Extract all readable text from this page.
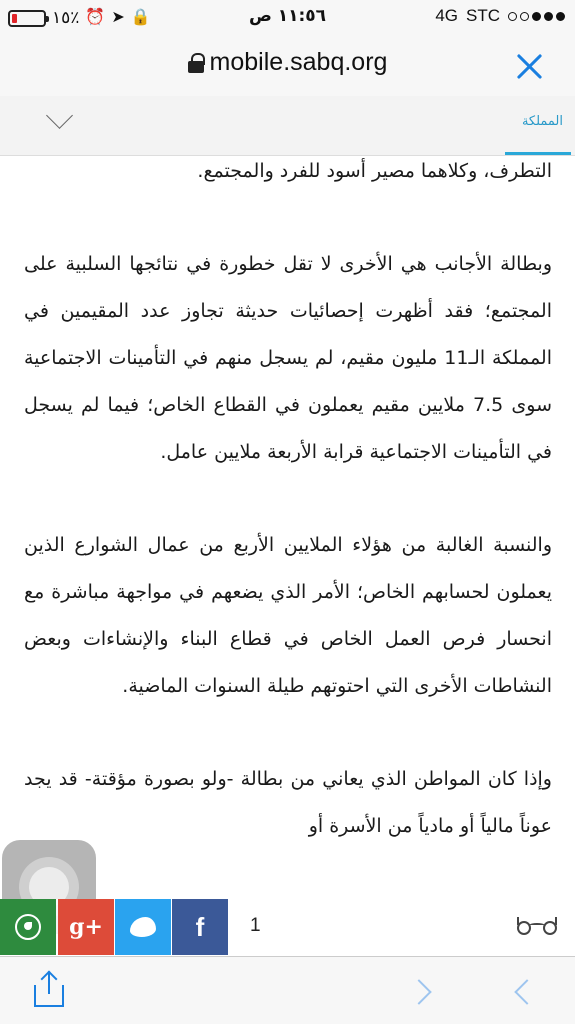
١٥٪ ⏰ ➤ 🔒	١١:٥٦ ص	4G STC
mobile.sabq.org
المملكة

التطرف، وكلاهما مصير أسود للفرد والمجتمع.

وبطالة الأجانب هي الأخرى لا تقل خطورة في نتائجها السلبية على المجتمع؛ فقد أظهرت إحصائيات حديثة تجاوز عدد المقيمين في المملكة الـ11 مليون مقيم، لم يسجل منهم في التأمينات الاجتماعية سوى 7.5 ملايين مقيم يعملون في القطاع الخاص؛ فيما لم يسجل في التأمينات الاجتماعية قرابة الأربعة ملايين عامل.

والنسبة الغالبة من هؤلاء الملايين الأربع من عمال الشوارع الذين يعملون لحسابهم الخاص؛ الأمر الذي يضعهم في مواجهة مباشرة مع انحسار فرص العمل الخاص في قطاع البناء والإنشاءات وبعض النشاطات الأخرى التي احتوتهم طيلة السنوات الماضية.

وإذا كان المواطن الذي يعاني من بطالة -ولو بصورة مؤقتة- قد يجد عوناً مالياً أو مادياً من الأسرة أو

g+	f 1
